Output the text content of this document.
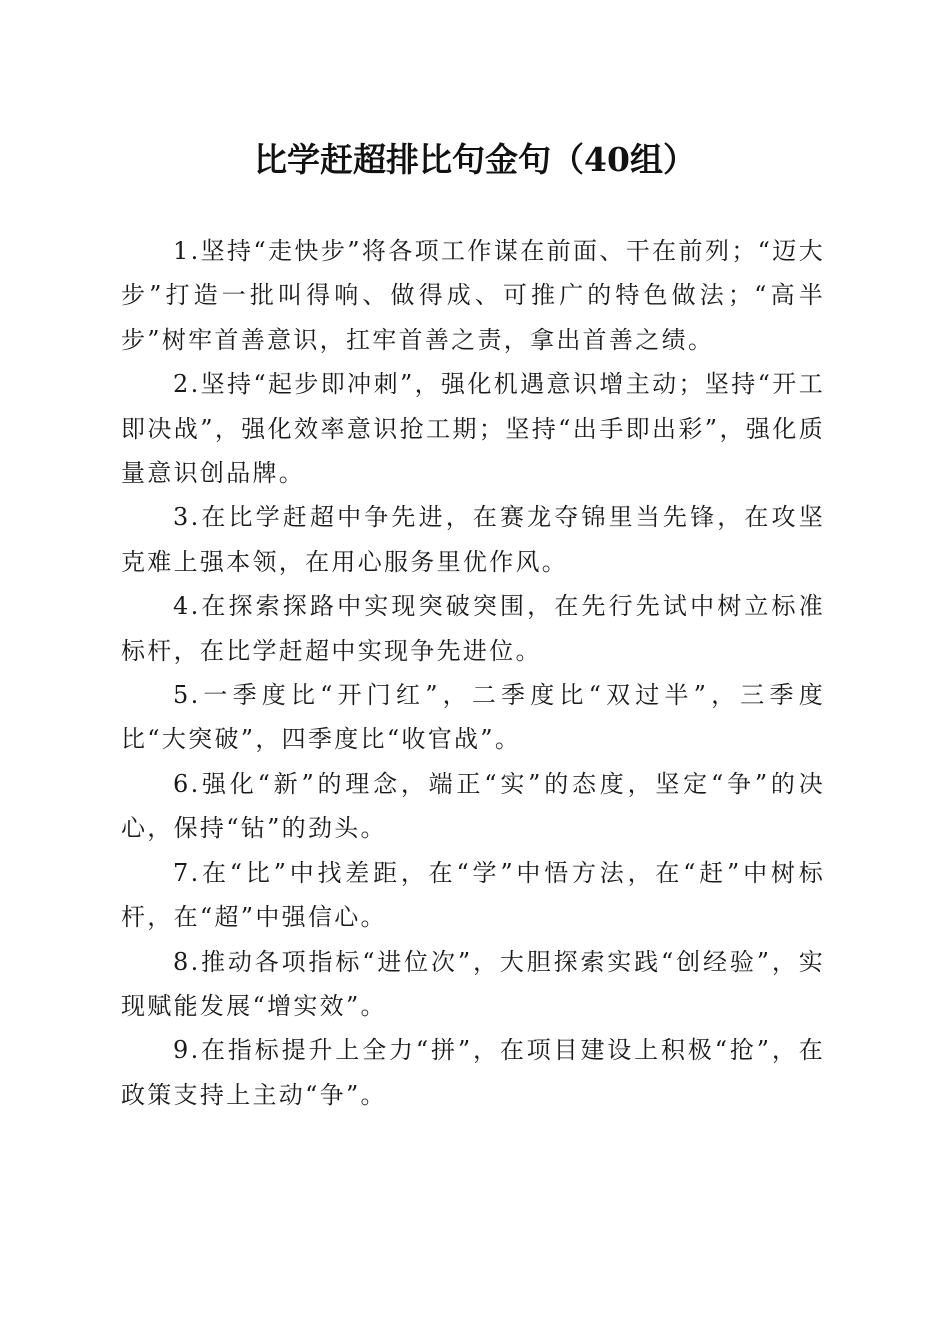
比学赶超排比句金句（40组）

1.坚持“走快步”将各项工作谋在前面、干在前列；“迈大步”打造一批叫得响、做得成、可推广的特色做法；“高半步”树牢首善意识，扛牢首善之责，拿出首善之绩。

2.坚持“起步即冲刺”，强化机遇意识增主动；坚持“开工即决战”，强化效率意识抢工期；坚持“出手即出彩”，强化质量意识创品牌。

3.在比学赶超中争先进，在赛龙夺锦里当先锋，在攻坚克难上强本领，在用心服务里优作风。

4.在探索探路中实现突破突围，在先行先试中树立标准标杆，在比学赶超中实现争先进位。

5.一季度比“开门红”，二季度比“双过半”，三季度比“大突破”，四季度比“收官战”。

6.强化“新”的理念，端正“实”的态度，坚定“争”的决心，保持“钻”的劲头。

7.在“比”中找差距，在“学”中悟方法，在“赶”中树标杆，在“超”中强信心。

8.推动各项指标“进位次”，大胆探索实践“创经验”，实现赋能发展“增实效”。

9.在指标提升上全力“拼”，在项目建设上积极“抢”，在政策支持上主动“争”。
